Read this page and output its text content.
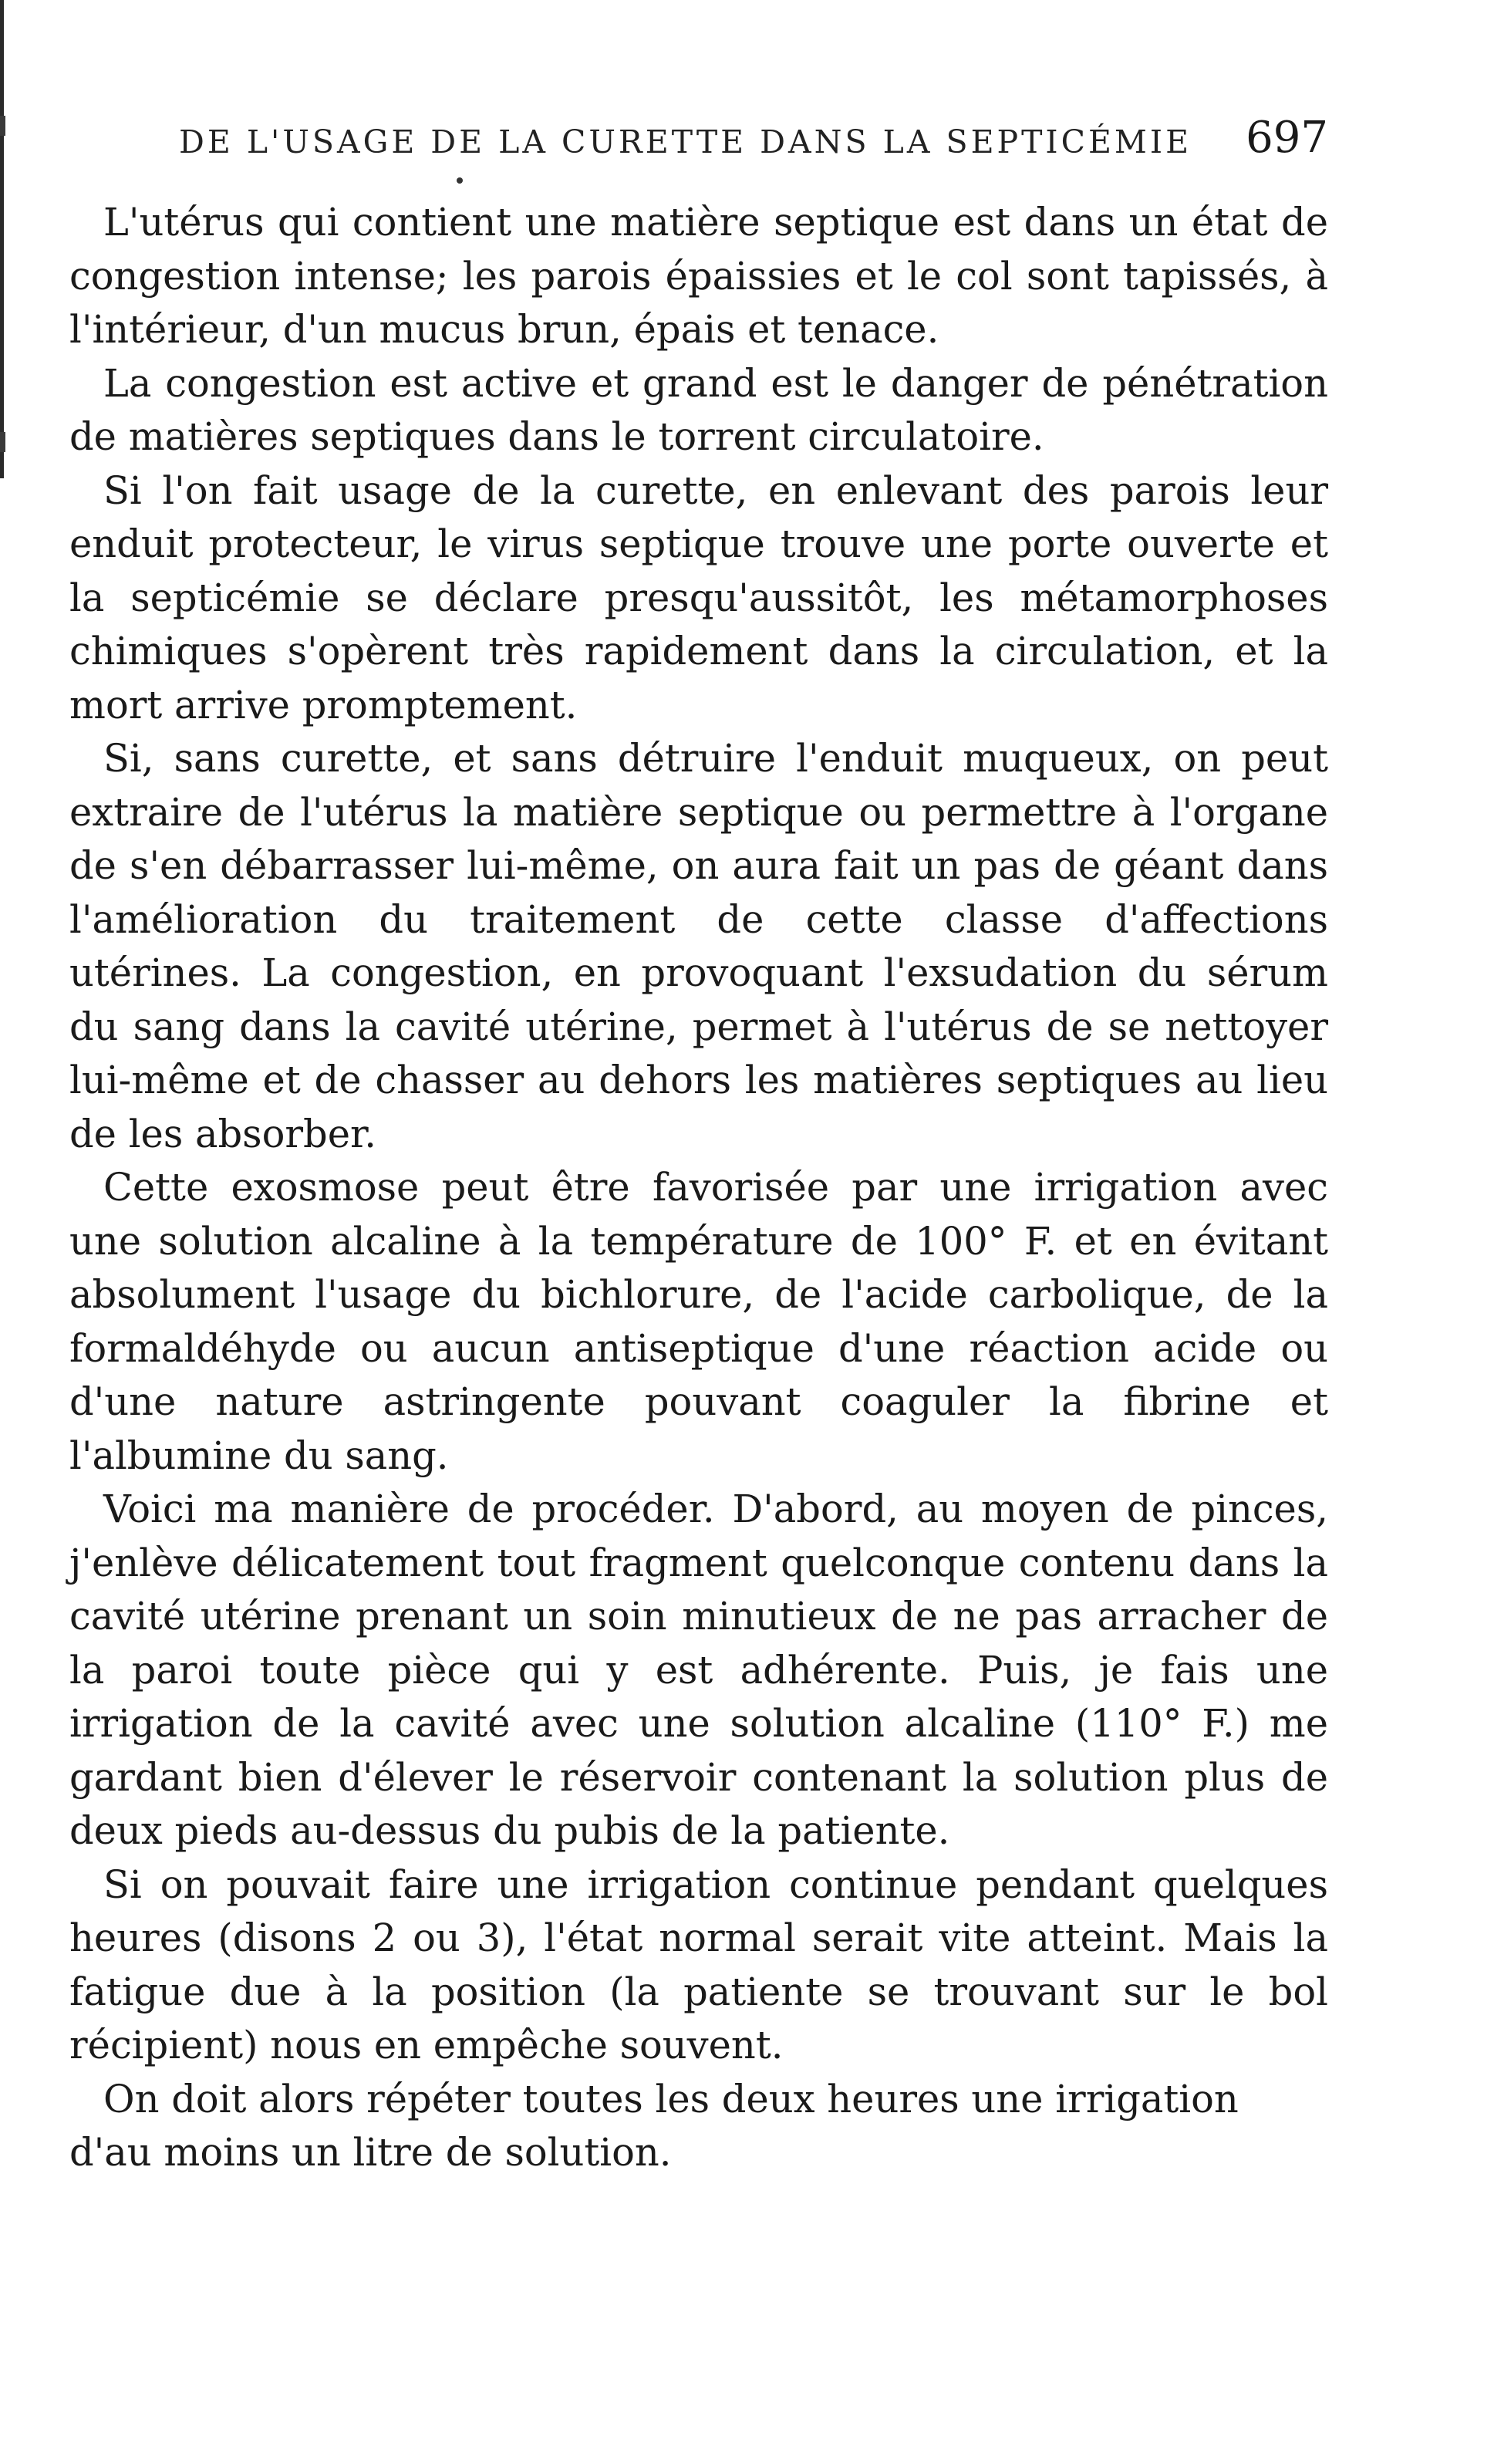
DE L'USAGE DE LA CURETTE DANS LA SEPTICÉMIE 697

L'utérus qui contient une matière septique est dans un état de congestion intense; les parois épaissies et le col sont tapissés, à l'intérieur, d'un mucus brun, épais et tenace.

La congestion est active et grand est le danger de pénétration de matières septiques dans le torrent circulatoire.

Si l'on fait usage de la curette, en enlevant des parois leur enduit protecteur, le virus septique trouve une porte ouverte et la septicémie se déclare presqu'aussitôt, les métamorphoses chimiques s'opèrent très rapidement dans la circulation, et la mort arrive promptement.

Si, sans curette, et sans détruire l'enduit muqueux, on peut extraire de l'utérus la matière septique ou permettre à l'organe de s'en débarrasser lui-même, on aura fait un pas de géant dans l'amélioration du traitement de cette classe d'affections utérines. La congestion, en provoquant l'exsudation du sérum du sang dans la cavité utérine, permet à l'utérus de se nettoyer lui-même et de chasser au dehors les matières septiques au lieu de les absorber.

Cette exosmose peut être favorisée par une irrigation avec une solution alcaline à la température de 100° F. et en évitant absolument l'usage du bichlorure, de l'acide carbolique, de la formaldéhyde ou aucun antiseptique d'une réaction acide ou d'une nature astringente pouvant coaguler la fibrine et l'albumine du sang.

Voici ma manière de procéder. D'abord, au moyen de pinces, j'enlève délicatement tout fragment quelconque contenu dans la cavité utérine prenant un soin minutieux de ne pas arracher de la paroi toute pièce qui y est adhérente. Puis, je fais une irrigation de la cavité avec une solution alcaline (110° F.) me gardant bien d'élever le réservoir contenant la solution plus de deux pieds au-dessus du pubis de la patiente.

Si on pouvait faire une irrigation continue pendant quelques heures (disons 2 ou 3), l'état normal serait vite atteint. Mais la fatigue due à la position (la patiente se trouvant sur le bol récipient) nous en empêche souvent.

On doit alors répéter toutes les deux heures une irrigation d'au moins un litre de solution.
